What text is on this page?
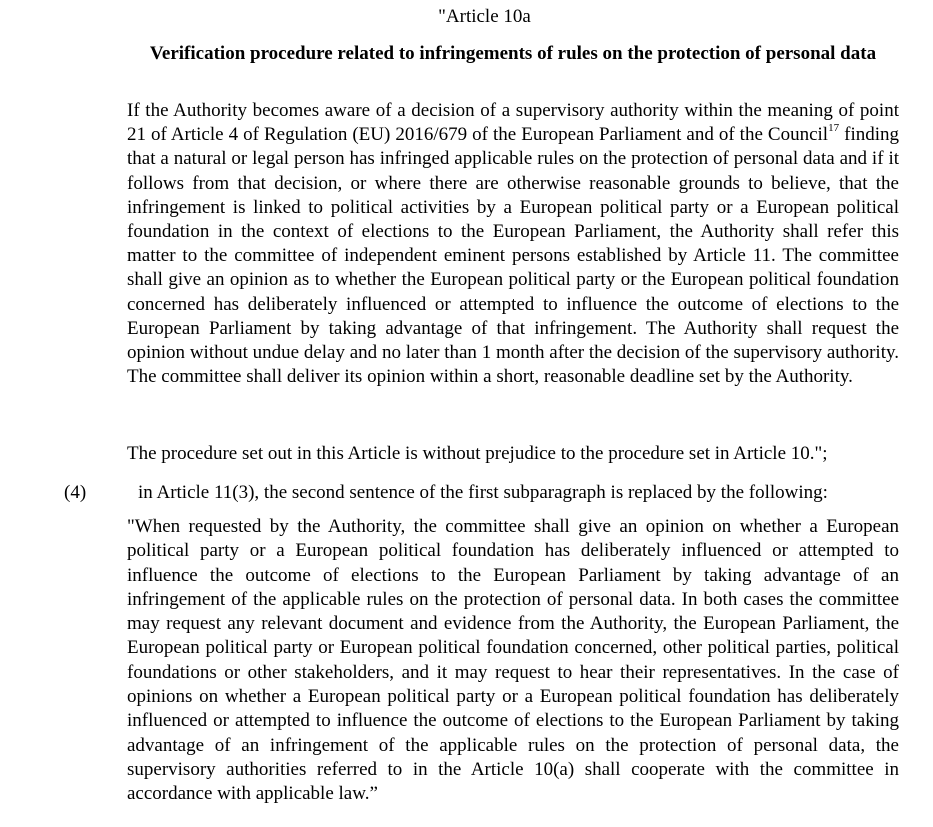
"Article 10a
Verification procedure related to infringements of rules on the protection of personal data
If the Authority becomes aware of a decision of a supervisory authority within the meaning of point 21 of Article 4 of Regulation (EU) 2016/679 of the European Parliament and of the Council$^{17}$ finding that a natural or legal person has infringed applicable rules on the protection of personal data and if it follows from that decision, or where there are otherwise reasonable grounds to believe, that the infringement is linked to political activities by a European political party or a European political foundation in the context of elections to the European Parliament, the Authority shall refer this matter to the committee of independent eminent persons established by Article 11. The committee shall give an opinion as to whether the European political party or the European political foundation concerned has deliberately influenced or attempted to influence the outcome of elections to the European Parliament by taking advantage of that infringement. The Authority shall request the opinion without undue delay and no later than 1 month after the decision of the supervisory authority. The committee shall deliver its opinion within a short, reasonable deadline set by the Authority.
The procedure set out in this Article is without prejudice to the procedure set in Article 10.";
(4)	in Article 11(3), the second sentence of the first subparagraph is replaced by the following:
"When requested by the Authority, the committee shall give an opinion on whether a European political party or a European political foundation has deliberately influenced or attempted to influence the outcome of elections to the European Parliament by taking advantage of an infringement of the applicable rules on the protection of personal data. In both cases the committee may request any relevant document and evidence from the Authority, the European Parliament, the European political party or European political foundation concerned, other political parties, political foundations or other stakeholders, and it may request to hear their representatives. In the case of opinions on whether a European political party or a European political foundation has deliberately influenced or attempted to influence the outcome of elections to the European Parliament by taking advantage of an infringement of the applicable rules on the protection of personal data, the supervisory authorities referred to in the Article 10(a) shall cooperate with the committee in accordance with applicable law.”
